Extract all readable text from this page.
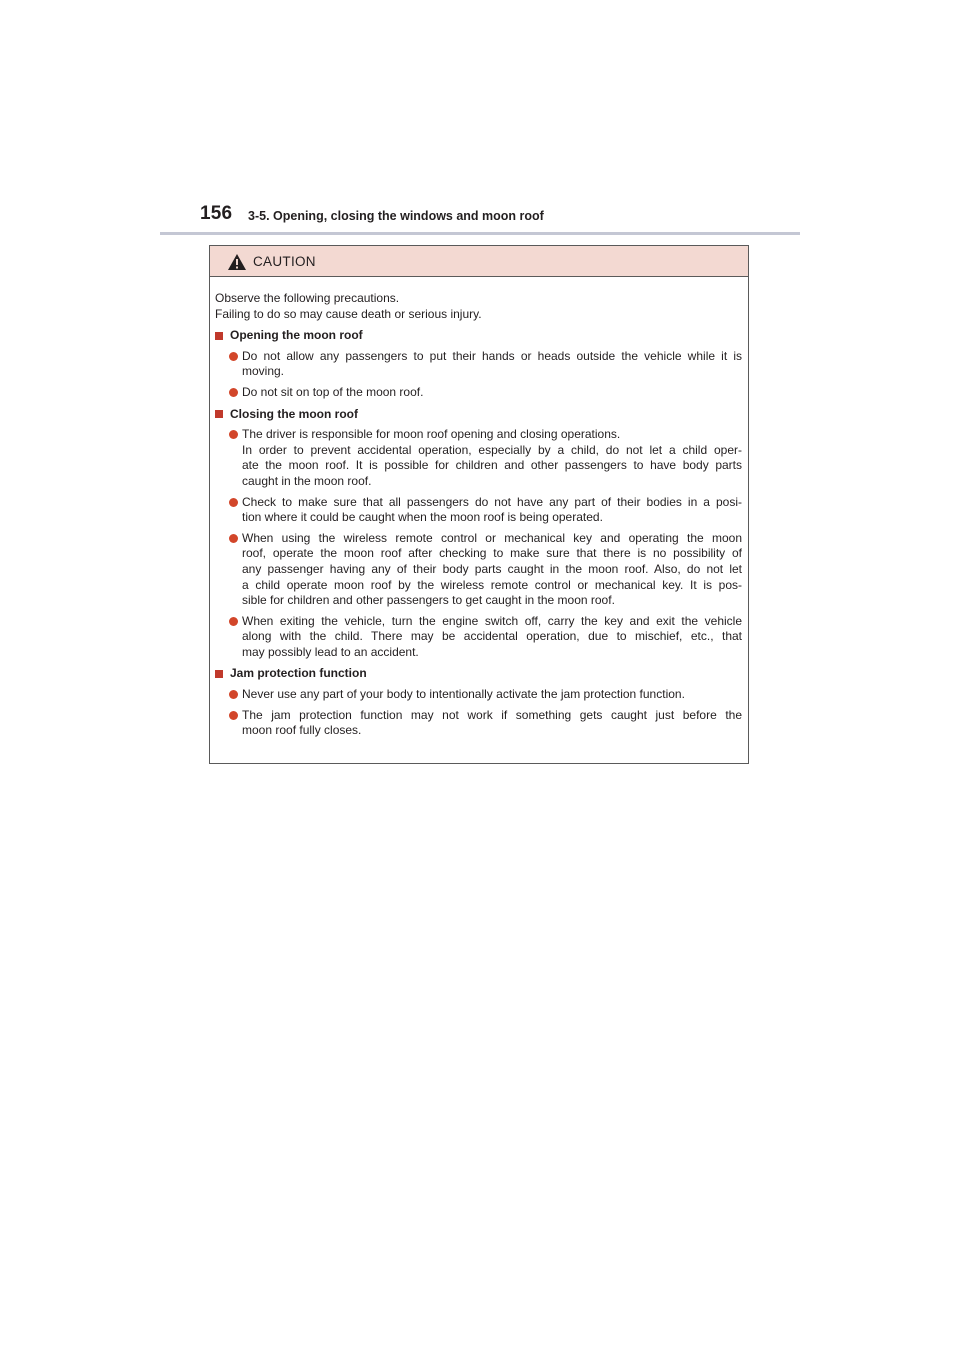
156 3-5. Opening, closing the windows and moon roof
CAUTION
Observe the following precautions.
Failing to do so may cause death or serious injury.
Opening the moon roof
Do not allow any passengers to put their hands or heads outside the vehicle while it is
moving.
Do not sit on top of the moon roof.
Closing the moon roof
The driver is responsible for moon roof opening and closing operations.
In order to prevent accidental operation, especially by a child, do not let a child oper-
ate the moon roof. It is possible for children and other passengers to have body parts
caught in the moon roof.
Check to make sure that all passengers do not have any part of their bodies in a posi-
tion where it could be caught when the moon roof is being operated.
When using the wireless remote control or mechanical key and operating the moon
roof, operate the moon roof after checking to make sure that there is no possibility of
any passenger having any of their body parts caught in the moon roof. Also, do not let
a child operate moon roof by the wireless remote control or mechanical key. It is pos-
sible for children and other passengers to get caught in the moon roof.
When exiting the vehicle, turn the engine switch off, carry the key and exit the vehicle
along with the child. There may be accidental operation, due to mischief, etc., that
may possibly lead to an accident.
Jam protection function
Never use any part of your body to intentionally activate the jam protection function.
The jam protection function may not work if something gets caught just before the
moon roof fully closes.
